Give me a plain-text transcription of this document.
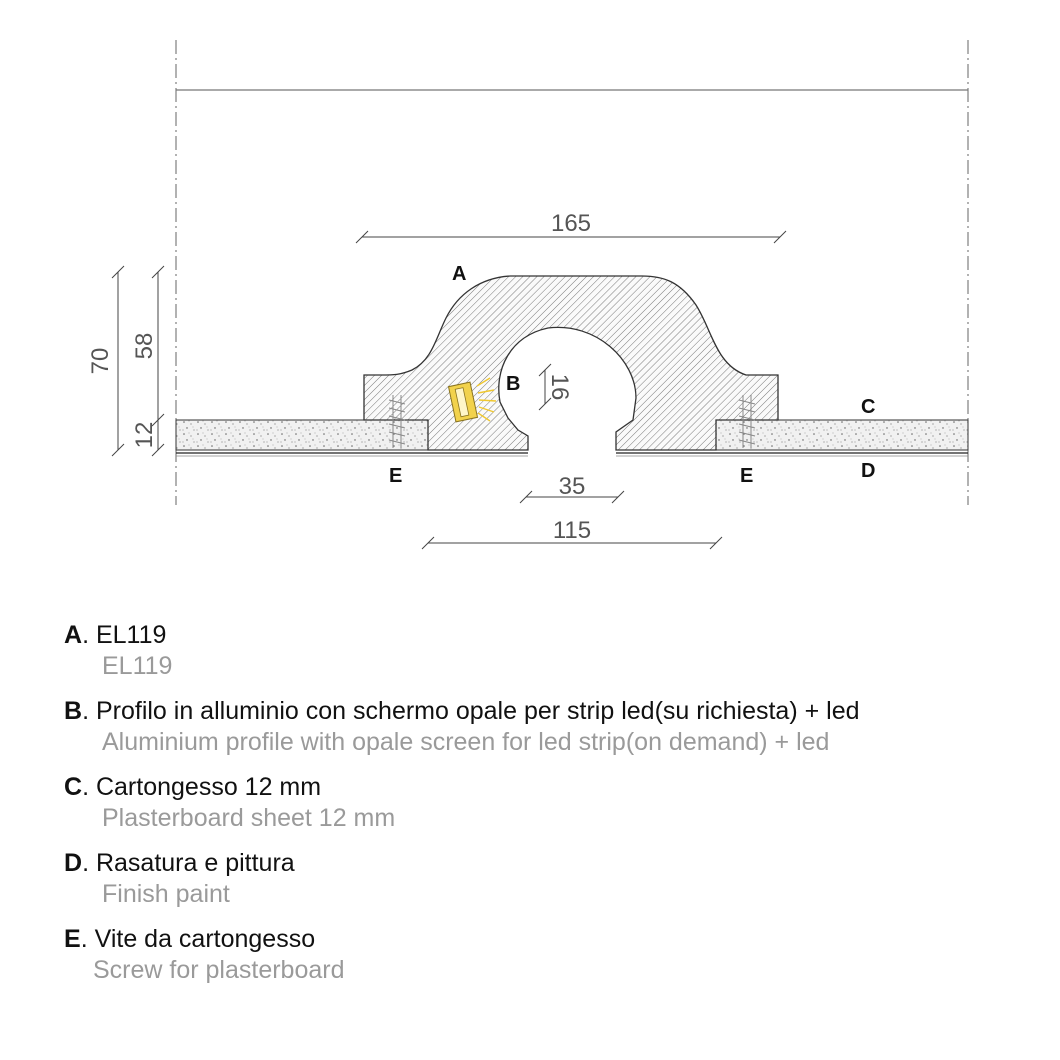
165
70
58
12
16
35
115
A
B
C
D
E	E
A. EL119
EL119
B. Profilo in alluminio con schermo opale per strip led(su richiesta) + led
Aluminium profile with opale screen for led strip(on demand) + led
C. Cartongesso 12 mm
Plasterboard sheet 12 mm
D. Rasatura e pittura
Finish paint
E. Vite da cartongesso
Screw for plasterboard
